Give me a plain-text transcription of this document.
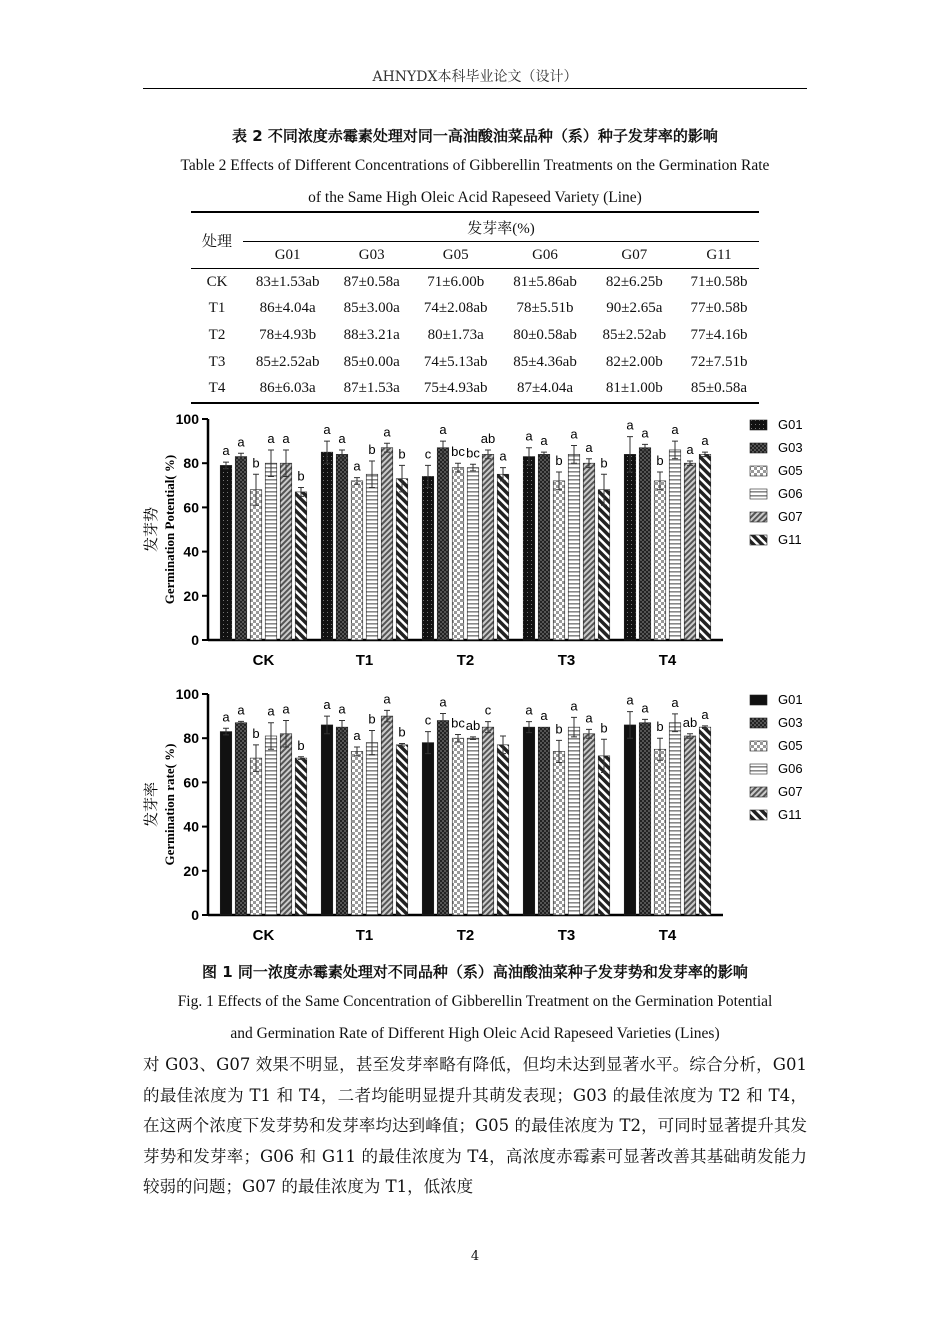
AHNYDX本科毕业论文（设计）
表 2 不同浓度赤霉素处理对同一高油酸油菜品种（系）种子发芽率的影响
Table 2 Effects of Different Concentrations of Gibberellin Treatments on the Germination Rate
of the Same High Oleic Acid Rapeseed Variety (Line)
处理	发芽率(%)					
	G01	G03	G05	G06	G07	G11
CK	83±1.53ab	87±0.58a	71±6.00b	81±5.86ab	82±6.25b	71±0.58b
T1	86±4.04a	85±3.00a	74±2.08ab	78±5.51b	90±2.65a	77±0.58b
T2	78±4.93b	88±3.21a	80±1.73a	80±0.58ab	85±2.52ab	77±4.16b
T3	85±2.52ab	85±0.00a	74±5.13ab	85±4.36ab	82±2.00b	72±7.51b
T4	86±6.03a	87±1.53a	75±4.93ab	87±4.04a	81±1.00b	85±0.58a
发芽势 Germination Potential( %)
0
20
40
60
80
100
a
a
b
a a
b
CK
a
a
a
b
a
b
T1
c
a
bc bc
ab
a
T2
a a
b
a
a
b
T3
a
a
b
a
a
a
T4
G01
G03
G05
G06
G07
G11
发芽率 Germination rate( %)
0
20
40
60
80
100
a a
b
a a
b
CK
a a
a
b
a
b
T1
c
a
bc ab
c
T2
a a
b
a
a
b
T3
a
a
b
a
ab
a
T4
G01
G03
G05
G06
G07
G11
图 1 同一浓度赤霉素处理对不同品种（系）高油酸油菜种子发芽势和发芽率的影响
Fig. 1 Effects of the Same Concentration of Gibberellin Treatment on the Germination Potential
and Germination Rate of Different High Oleic Acid Rapeseed Varieties (Lines)
对 G03、G07 效果不明显，甚至发芽率略有降低，但均未达到显著水平。综合分析，G01 的最佳浓度为 T1 和 T4，二者均能明显提升其萌发表现；G03 的最佳浓度为 T2 和 T4，在这两个浓度下发芽势和发芽率均达到峰值；G05 的最佳浓度为 T2，可同时显著提升其发芽势和发芽率；G06 和 G11 的最佳浓度为 T4，高浓度赤霉素可显著改善其基础萌发能力较弱的问题；G07 的最佳浓度为 T1，低浓度
4
